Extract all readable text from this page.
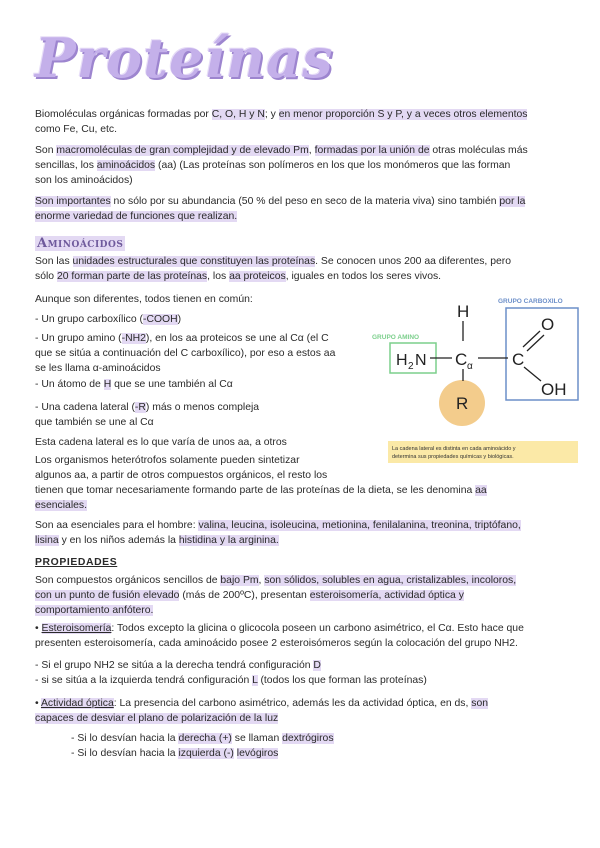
Proteínas

Biomoléculas orgánicas formadas por C, O, H y N; y en menor proporción S y P, y a veces otros elementos
como Fe, Cu, etc.

Son macromoléculas de gran complejidad y de elevado Pm, formadas por la unión de otras moléculas más
sencillas, los aminoácidos (aa) (Las proteínas son polímeros en los que los monómeros que las forman
son los aminoácidos)

Son importantes no sólo por su abundancia (50 % del peso en seco de la materia viva) sino también por la
enorme variedad de funciones que realizan.

Aminoácidos

Son las unidades estructurales que constituyen las proteínas. Se conocen unos 200 aa diferentes, pero
sólo 20 forman parte de las proteínas, los aa proteicos, iguales en todos los seres vivos.

Aunque son diferentes, todos tienen en común:

- Un grupo carboxílico (-COOH)

- Un grupo amino (-NH2), en los aa proteicos se une al Cα (el C
que se sitúa a continuación del C carboxílico), por eso a estos aa
se les llama α-aminoácidos

- Un átomo de H que se une también al Cα

- Una cadena lateral (-R) más o menos compleja
que también se une al Cα

Esta cadena lateral es lo que varía de unos aa, a otros

Los organismos heterótrofos solamente pueden sintetizar
algunos aa, a partir de otros compuestos orgánicos, el resto los
tienen que tomar necesariamente formando parte de las proteínas de la dieta, se les denomina aa
esenciales.

Son aa esenciales para el hombre: valina, leucina, isoleucina, metionina, fenilalanina, treonina, triptófano,
lisina y en los niños además la histidina y la arginina.

PROPIEDADES

Son compuestos orgánicos sencillos de bajo Pm, son sólidos, solubles en agua, cristalizables, incoloros,
con un punto de fusión elevado (más de 200ºC), presentan esteroisomería, actividad óptica y
comportamiento anfótero.

• Esteroisomería: Todos excepto la glicina o glicocola poseen un carbono asimétrico, el Cα. Esto hace que
presenten esteroisomería, cada aminoácido posee 2 esteroisómeros según la colocación del grupo NH2.

- Si el grupo NH2 se sitúa a la derecha tendrá configuración D
- si se sitúa a la izquierda tendrá configuración L (todos los que forman las proteínas)

• Actividad óptica: La presencia del carbono asimétrico, además les da actividad óptica, en ds, son
capaces de desviar el plano de polarización de la luz

- Si lo desvían hacia la derecha (+) se llaman dextrógiros

- Si lo desvían hacia la izquierda (-) levógiros

GRUPO CARBOXILO
GRUPO AMINO
R
H
H 2 N C α C
O
OH
La cadena lateral es distinta en cada aminoácido y
determina sus propiedades químicas y biológicas.
